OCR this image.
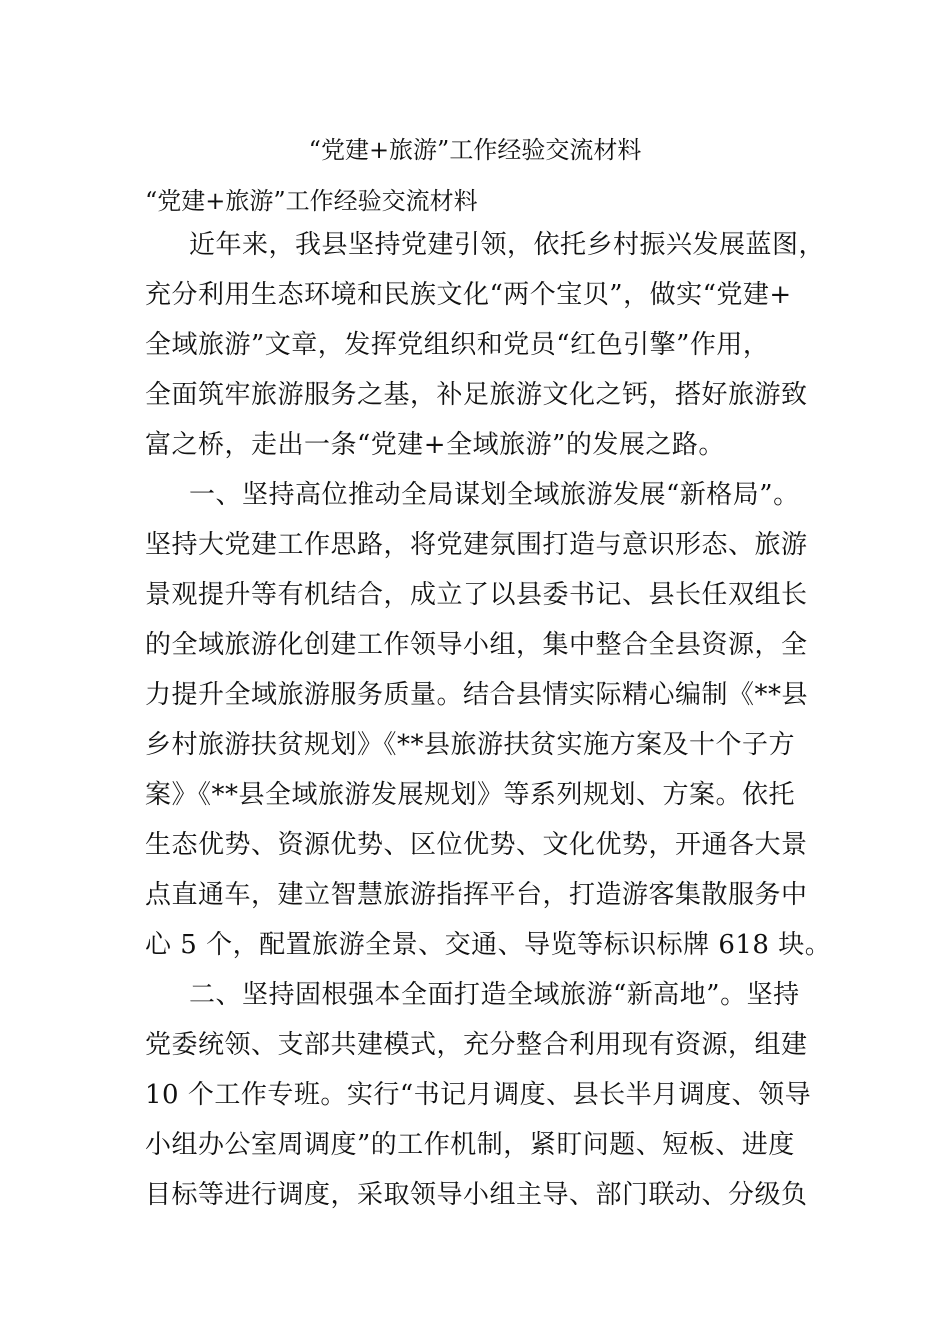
“党建+旅游”工作经验交流材料
“党建+旅游”工作经验交流材料
近年来，我县坚持党建引领，依托乡村振兴发展蓝图，
充分利用生态环境和民族文化“两个宝贝”，做实“党建+
全域旅游”文章，发挥党组织和党员“红色引擎”作用，
全面筑牢旅游服务之基，补足旅游文化之钙，搭好旅游致
富之桥，走出一条“党建+全域旅游”的发展之路。
一、坚持高位推动全局谋划全域旅游发展“新格局”。
坚持大党建工作思路，将党建氛围打造与意识形态、旅游
景观提升等有机结合，成立了以县委书记、县长任双组长
的全域旅游化创建工作领导小组，集中整合全县资源，全
力提升全域旅游服务质量。结合县情实际精心编制《**县
乡村旅游扶贫规划》《**县旅游扶贫实施方案及十个子方
案》《**县全域旅游发展规划》等系列规划、方案。依托
生态优势、资源优势、区位优势、文化优势，开通各大景
点直通车，建立智慧旅游指挥平台，打造游客集散服务中
心 5 个，配置旅游全景、交通、导览等标识标牌 618 块。
二、坚持固根强本全面打造全域旅游“新高地”。坚持
党委统领、支部共建模式，充分整合利用现有资源，组建
10 个工作专班。实行“书记月调度、县长半月调度、领导
小组办公室周调度”的工作机制，紧盯问题、短板、进度
目标等进行调度，采取领导小组主导、部门联动、分级负
